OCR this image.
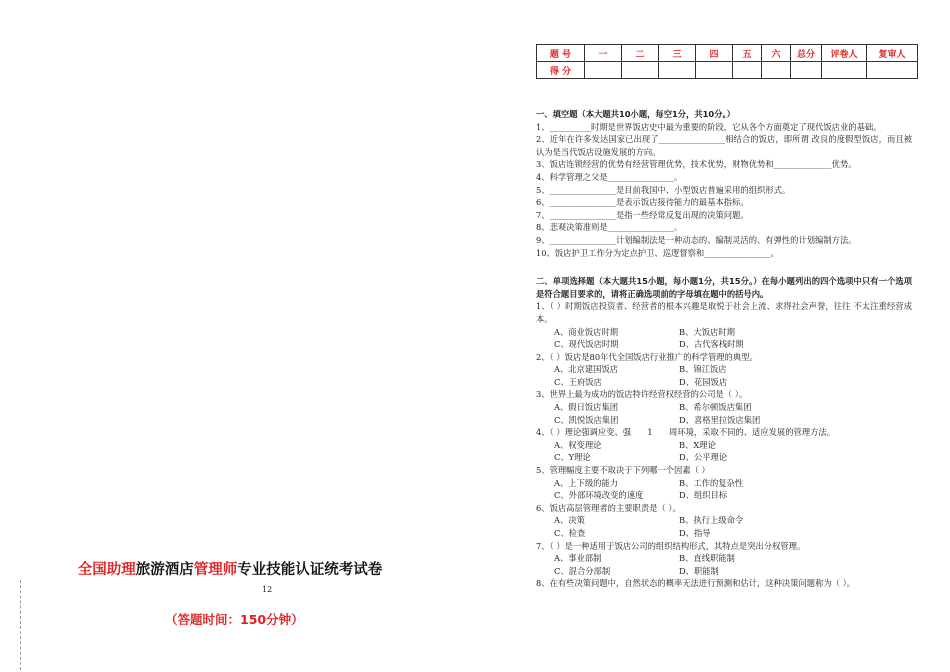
全国助理旅游酒店管理师专业技能认证统考试卷
12
（答题时间：150分钟）
题 号	一	二	三	四	五	六	总分	评卷人	复审人
得 分									

一、填空题（本大题共10小题，每空1分，共10分。）

1、__________时期是世界饭店史中最为重要的阶段，它从各个方面奠定了现代饭店业的基础。

2、近年在许多发达国家已出现了________________相结合的饭店，即所谓 改良的度假型饭店，而且被认为是当代饭店设施发展的方向。

3、饭店连锁经营的优势有经营管理优势，技术优势，财物优势和______________优势。

4、科学管理之父是________________。

5、________________是目前我国中、小型饭店普遍采用的组织形式。

6、________________是表示饭店接待能力的最基本指标。

7、________________是指一些经常反复出现的决策问题。

8、悲观决策准则是________________。

9、________________计划编制法是一种动态的、编制灵活的、有弹性的计划编制方法。

10、饭店护卫工作分为定点护卫、巡逻督察和________________。

二、单项选择题（本大题共15小题，每小题1分，共15分。）在每小题列出的四个选项中只有一个选项是符合题目要求的，请将正确选项前的字母填在题中的括号内。

1、（ ）时期饭店投资者、经营者的根本兴趣是取悦于社会上流、求得社会声誉，往往 不太注重经营成本。

A、商业饭店时期	B、大饭店时期
C、现代饭店时期	D、古代客栈时期

2、（ ）饭店是80年代全国饭店行业推广的科学管理的典型。

A、北京建国饭店	B、锦江饭店
C、王府饭店	D、花园饭店

3、世界上最为成功的饭店特许经营权经营的公司是（ ）。

A、假日饭店集团	B、希尔顿饭店集团
C、凯悦饭店集团	D、喜格里拉饭店集团

4、（ ）理论强调应变、强 1 周环境，采取不同的、适应发展的管理方法。

A、权变理论	B、X理论
C、Y理论	D、公平理论

5、管理幅度主要不取决于下列哪一个因素（ ）

A、上下级的能力	B、工作的复杂性
C、外部环境改变的速度	D、组织目标

6、饭店高层管理者的主要职责是（ ）。

A、决策	B、执行上级命令
C、检查	D、指导

7、（ ）是一种适用于饭店公司的组织结构形式，其特点是突出分权管理。

A、事业部制	B、直线职能制
C、混合分部制	D、职能制

8、在有些决策问题中，自然状态的概率无法进行预测和估计，这种决策问题称为（ ）。
